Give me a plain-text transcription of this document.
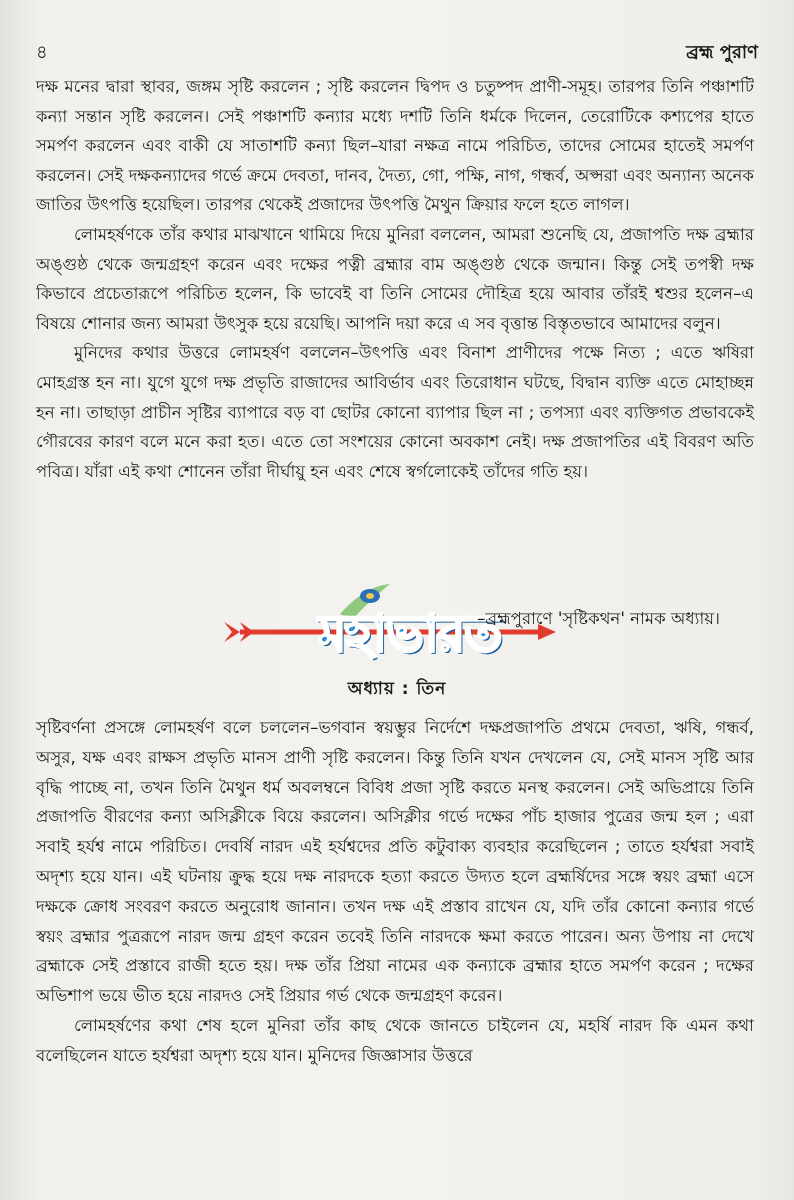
৪	ব্রহ্ম পুরাণ

দক্ষ মনের দ্বারা স্থাবর, জঙ্গম সৃষ্টি করলেন ; সৃষ্টি করলেন দ্বিপদ ও চতুষ্পদ প্রাণী-সমূহ। তারপর তিনি পঞ্চাশটি কন্যা সন্তান সৃষ্টি করলেন। সেই পঞ্চাশটি কন্যার মধ্যে দশটি তিনি ধর্মকে দিলেন, তেরোটিকে কশ্যপের হাতে সমর্পণ করলেন এবং বাকী যে সাতাশটি কন্যা ছিল–যারা নক্ষত্র নামে পরিচিত, তাদের সোমের হাতেই সমর্পণ করলেন। সেই দক্ষকন্যাদের গর্ভে ক্রমে দেবতা, দানব, দৈত্য, গো, পক্ষি, নাগ, গন্ধর্ব, অপ্সরা এবং অন্যান্য অনেক জাতির উৎপত্তি হয়েছিল। তারপর থেকেই প্রজাদের উৎপত্তি মৈথুন ক্রিয়ার ফলে হতে লাগল।

লোমহর্ষণকে তাঁর কথার মাঝখানে থামিয়ে দিয়ে মুনিরা বললেন, আমরা শুনেছি যে, প্রজাপতি দক্ষ ব্রহ্মার অঙ্গুষ্ঠ থেকে জন্মগ্রহণ করেন এবং দক্ষের পত্নী ব্রহ্মার বাম অঙ্গুষ্ঠ থেকে জন্মান। কিন্তু সেই তপস্বী দক্ষ কিভাবে প্রচেতারূপে পরিচিত হলেন, কি ভাবেই বা তিনি সোমের দৌহিত্র হয়ে আবার তাঁরই শ্বশুর হলেন–এ বিষয়ে শোনার জন্য আমরা উৎসুক হয়ে রয়েছি। আপনি দয়া করে এ সব বৃত্তান্ত বিস্তৃতভাবে আমাদের বলুন।

মুনিদের কথার উত্তরে লোমহর্ষণ বললেন–উৎপত্তি এবং বিনাশ প্রাণীদের পক্ষে নিত্য ; এতে ঋষিরা মোহগ্রস্ত হন না। যুগে যুগে দক্ষ প্রভৃতি রাজাদের আবির্ভাব এবং তিরোধান ঘটছে, বিদ্বান ব্যক্তি এতে মোহাচ্ছন্ন হন না। তাছাড়া প্রাচীন সৃষ্টির ব্যাপারে বড় বা ছোটর কোনো ব্যাপার ছিল না ; তপস্যা এবং ব্যক্তিগত প্রভাবকেই গৌরবের কারণ বলে মনে করা হত। এতে তো সংশয়ের কোনো অবকাশ নেই। দক্ষ প্রজাপতির এই বিবরণ অতি পবিত্র। যাঁরা এই কথা শোনেন তাঁরা দীর্ঘায়ু হন এবং শেষে স্বর্গলোকেই তাঁদের গতি হয়।

মহাভারত
–ব্রহ্মপুরাণে 'সৃষ্টিকথন' নামক অধ্যায়।
অধ্যায় : তিন

সৃষ্টিবর্ণনা প্রসঙ্গে লোমহর্ষণ বলে চললেন–ভগবান স্বয়ম্ভুর নির্দেশে দক্ষপ্রজাপতি প্রথমে দেবতা, ঋষি, গন্ধর্ব, অসুর, যক্ষ এবং রাক্ষস প্রভৃতি মানস প্রাণী সৃষ্টি করলেন। কিন্তু তিনি যখন দেখলেন যে, সেই মানস সৃষ্টি আর বৃদ্ধি পাচ্ছে না, তখন তিনি মৈথুন ধর্ম অবলম্বনে বিবিধ প্রজা সৃষ্টি করতে মনস্থ করলেন। সেই অভিপ্রায়ে তিনি প্রজাপতি বীরণের কন্যা অসিক্লীকে বিয়ে করলেন। অসিক্লীর গর্ভে দক্ষের পাঁচ হাজার পুত্রের জন্ম হল ; এরা সবাই হর্যশ্ব নামে পরিচিত। দেবর্ষি নারদ এই হর্যশ্বদের প্রতি কটুবাক্য ব্যবহার করেছিলেন ; তাতে হর্যশ্বরা সবাই অদৃশ্য হয়ে যান। এই ঘটনায় ক্রুদ্ধ হয়ে দক্ষ নারদকে হত্যা করতে উদ্যত হলে ব্রহ্মর্ষিদের সঙ্গে স্বয়ং ব্রহ্মা এসে দক্ষকে ক্রোধ সংবরণ করতে অনুরোধ জানান। তখন দক্ষ এই প্রস্তাব রাখেন যে, যদি তাঁর কোনো কন্যার গর্ভে স্বয়ং ব্রহ্মার পুত্ররূপে নারদ জন্ম গ্রহণ করেন তবেই তিনি নারদকে ক্ষমা করতে পারেন। অন্য উপায় না দেখে ব্রহ্মাকে সেই প্রস্তাবে রাজী হতে হয়। দক্ষ তাঁর প্রিয়া নামের এক কন্যাকে ব্রহ্মার হাতে সমর্পণ করেন ; দক্ষের অভিশাপ ভয়ে ভীত হয়ে নারদও সেই প্রিয়ার গর্ভ থেকে জন্মগ্রহণ করেন।

লোমহর্ষণের কথা শেষ হলে মুনিরা তাঁর কাছ থেকে জানতে চাইলেন যে, মহর্ষি নারদ কি এমন কথা বলেছিলেন যাতে হর্যশ্বরা অদৃশ্য হয়ে যান। মুনিদের জিজ্ঞাসার উত্তরে
